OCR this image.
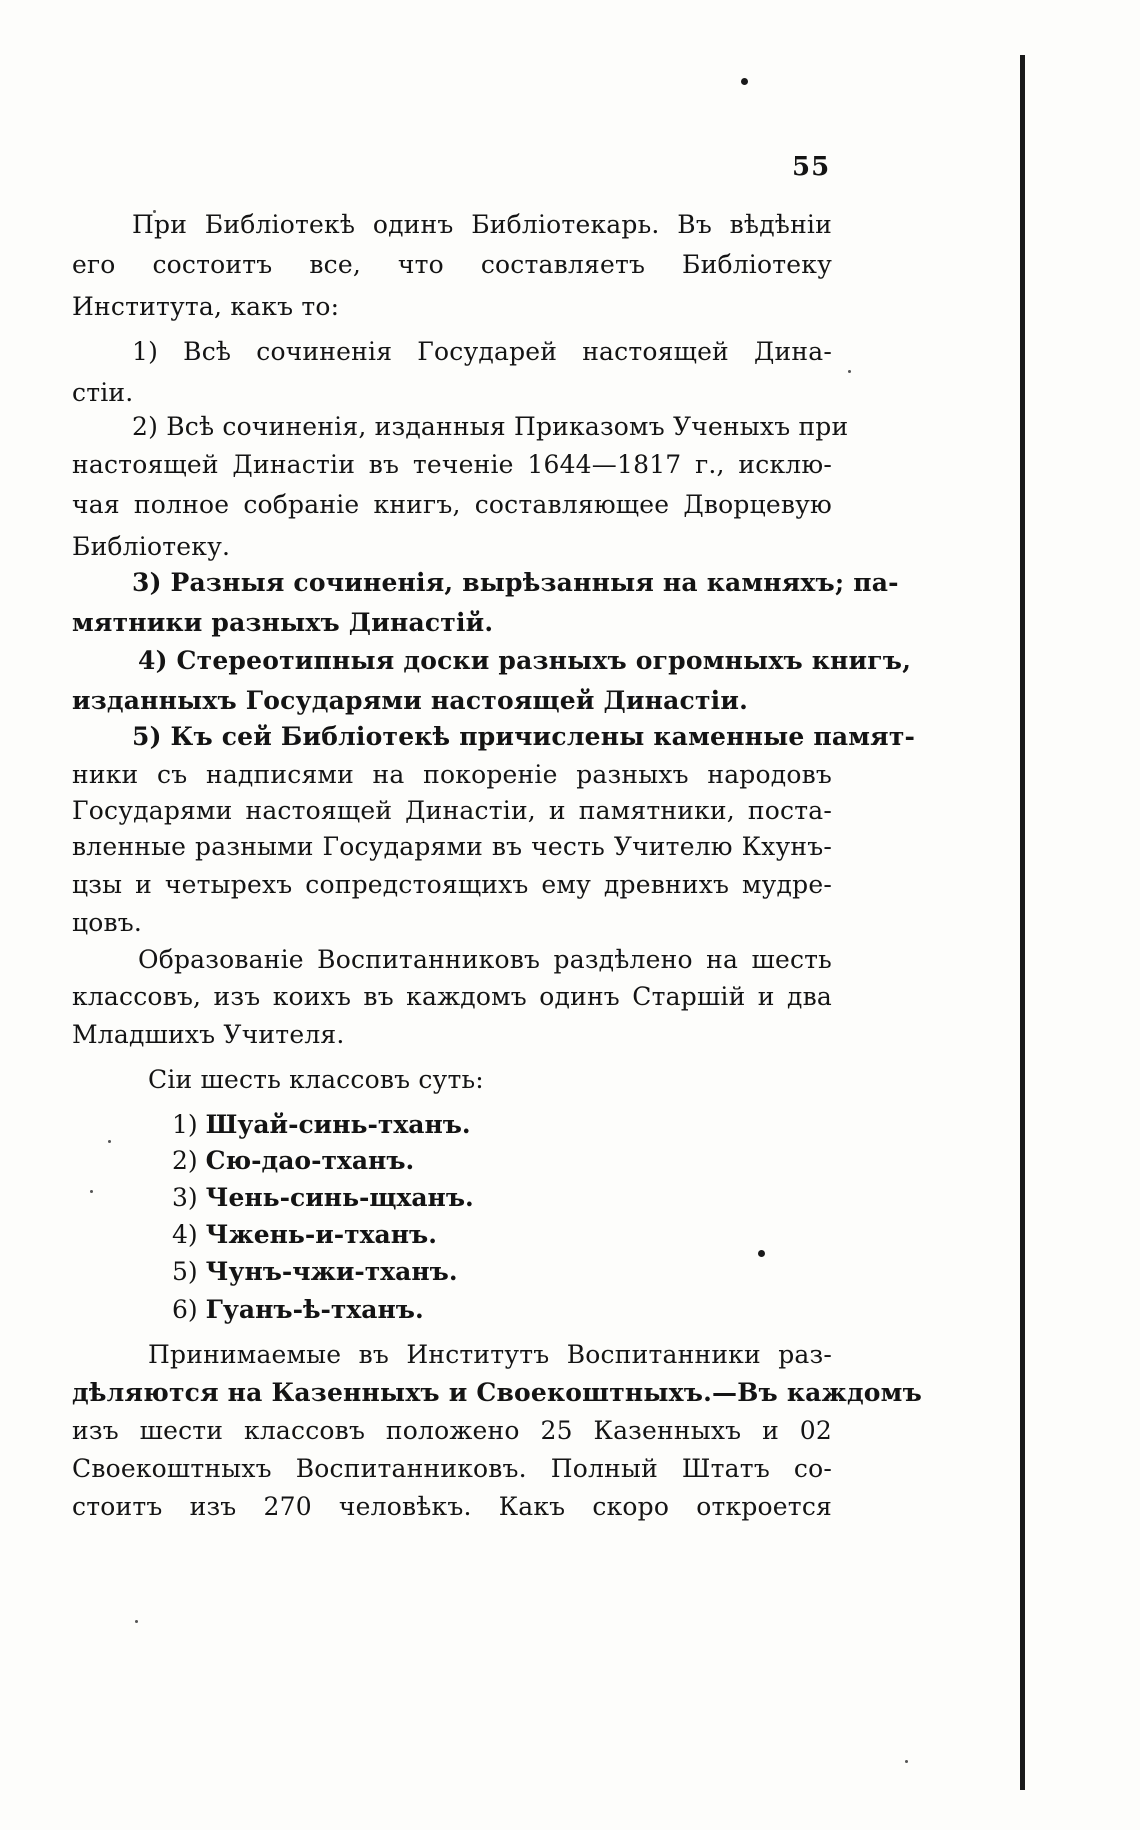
55
При Библіотекѣ одинъ Библіотекарь. Въ вѣдѣніи
его состоитъ все, что составляетъ Библіотеку
Института, какъ то:
1) Всѣ сочиненія Государей настоящей Дина-
стіи.
2) Всѣ сочиненія, изданныя Приказомъ Ученыхъ при
настоящей Династіи въ теченіе 1644—1817 г., исклю-
чая полное собраніе книгъ, составляющее Дворцевую
Библіотеку.
3) Разныя сочиненія, вырѣзанныя на камняхъ; па-
мятники разныхъ Династій.
4) Стереотипныя доски разныхъ огромныхъ книгъ,
изданныхъ Государями настоящей Династіи.
5) Къ сей Библіотекѣ причислены каменные памят-
ники съ надписями на покореніе разныхъ народовъ
Государями настоящей Династіи, и памятники, поста-
вленные разными Государями въ честь Учителю Кхунъ-
цзы и четырехъ сопредстоящихъ ему древнихъ мудре-
цовъ.
Образованіе Воспитанниковъ раздѣлено на шесть
классовъ, изъ коихъ въ каждомъ одинъ Старшій и два
Младшихъ Учителя.
Сіи шесть классовъ суть:
1) Шуай-синь-тханъ.
2) Сю-дао-тханъ.
3) Чень-синь-щханъ.
4) Чжень-и-тханъ.
5) Чунъ-чжи-тханъ.
6) Гуанъ-ѣ-тханъ.
Принимаемые въ Институтъ Воспитанники раз-
дѣляются на Казенныхъ и Своекоштныхъ.—Въ каждомъ
изъ шести классовъ положено 25 Казенныхъ и 02
Своекоштныхъ Воспитанниковъ. Полный Штатъ со-
стоитъ изъ 270 человѣкъ. Какъ скоро откроется
